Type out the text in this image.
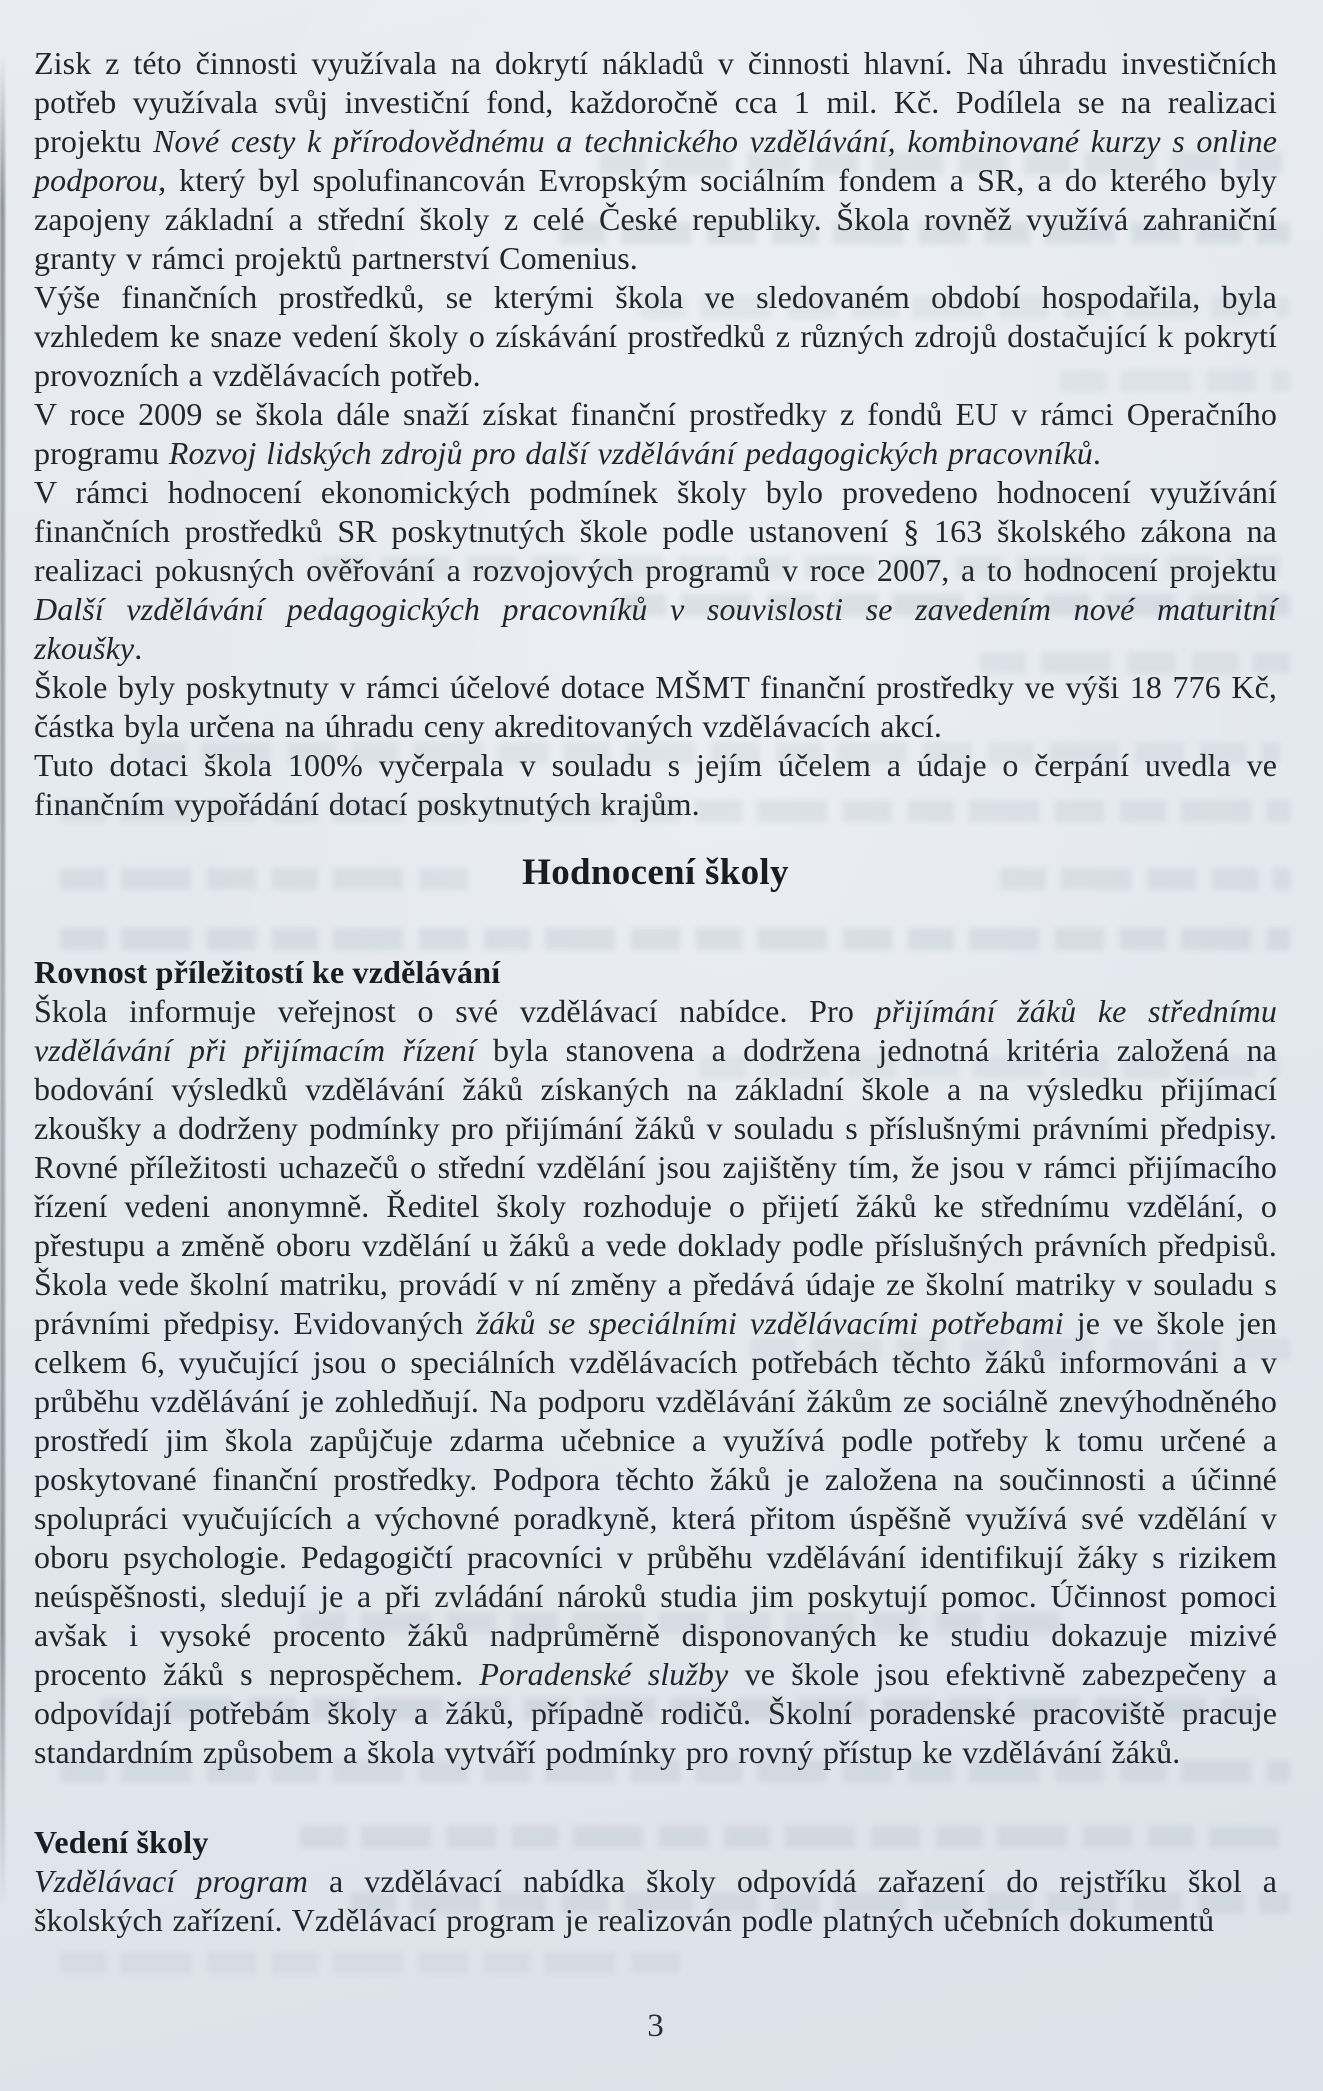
Zisk z této činnosti využívala na dokrytí nákladů v činnosti hlavní. Na úhradu investičních potřeb využívala svůj investiční fond, každoročně cca 1 mil. Kč. Podílela se na realizaci projektu Nové cesty k přírodovědnému a technického vzdělávání, kombinované kurzy s online podporou, který byl spolufinancován Evropským sociálním fondem a SR, a do kterého byly zapojeny základní a střední školy z celé České republiky. Škola rovněž využívá zahraniční granty v rámci projektů partnerství Comenius.

Výše finančních prostředků, se kterými škola ve sledovaném období hospodařila, byla vzhledem ke snaze vedení školy o získávání prostředků z různých zdrojů dostačující k pokrytí provozních a vzdělávacích potřeb.

V roce 2009 se škola dále snaží získat finanční prostředky z fondů EU v rámci Operačního programu Rozvoj lidských zdrojů pro další vzdělávání pedagogických pracovníků.

V rámci hodnocení ekonomických podmínek školy bylo provedeno hodnocení využívání finančních prostředků SR poskytnutých škole podle ustanovení § 163 školského zákona na realizaci pokusných ověřování a rozvojových programů v roce 2007, a to hodnocení projektu Další vzdělávání pedagogických pracovníků v souvislosti se zavedením nové maturitní zkoušky.

Škole byly poskytnuty v rámci účelové dotace MŠMT finanční prostředky ve výši 18 776 Kč, částka byla určena na úhradu ceny akreditovaných vzdělávacích akcí.

Tuto dotaci škola 100% vyčerpala v souladu s jejím účelem a údaje o čerpání uvedla ve finančním vypořádání dotací poskytnutých krajům.

Hodnocení školy
Rovnost příležitostí ke vzdělávání

Škola informuje veřejnost o své vzdělávací nabídce. Pro přijímání žáků ke střednímu vzdělávání při přijímacím řízení byla stanovena a dodržena jednotná kritéria založená na bodování výsledků vzdělávání žáků získaných na základní škole a na výsledku přijímací zkoušky a dodrženy podmínky pro přijímání žáků v souladu s příslušnými právními předpisy. Rovné příležitosti uchazečů o střední vzdělání jsou zajištěny tím, že jsou v rámci přijímacího řízení vedeni anonymně. Ředitel školy rozhoduje o přijetí žáků ke střednímu vzdělání, o přestupu a změně oboru vzdělání u žáků a vede doklady podle příslušných právních předpisů. Škola vede školní matriku, provádí v ní změny a předává údaje ze školní matriky v souladu s právními předpisy. Evidovaných žáků se speciálními vzdělávacími potřebami je ve škole jen celkem 6, vyučující jsou o speciálních vzdělávacích potřebách těchto žáků informováni a v průběhu vzdělávání je zohledňují. Na podporu vzdělávání žákům ze sociálně znevýhodněného prostředí jim škola zapůjčuje zdarma učebnice a využívá podle potřeby k tomu určené a poskytované finanční prostředky. Podpora těchto žáků je založena na součinnosti a účinné spolupráci vyučujících a výchovné poradkyně, která přitom úspěšně využívá své vzdělání v oboru psychologie. Pedagogičtí pracovníci v průběhu vzdělávání identifikují žáky s rizikem neúspěšnosti, sledují je a při zvládání nároků studia jim poskytují pomoc. Účinnost pomoci avšak i vysoké procento žáků nadprůměrně disponovaných ke studiu dokazuje mizivé procento žáků s neprospěchem. Poradenské služby ve škole jsou efektivně zabezpečeny a odpovídají potřebám školy a žáků, případně rodičů. Školní poradenské pracoviště pracuje standardním způsobem a škola vytváří podmínky pro rovný přístup ke vzdělávání žáků.

Vedení školy

Vzdělávací program a vzdělávací nabídka školy odpovídá zařazení do rejstříku škol a školských zařízení. Vzdělávací program je realizován podle platných učebních dokumentů

3
